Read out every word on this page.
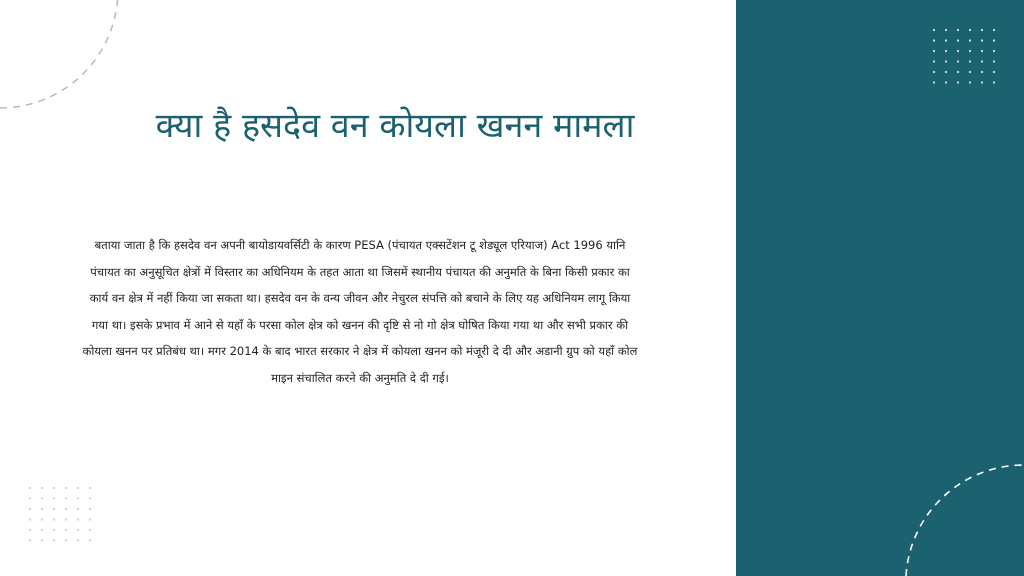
क्या है हसदेव वन कोयला खनन मामला

बताया जाता है कि हसदेव वन अपनी बायोडायवर्सिटी के कारण PESA (पंचायत एक्सटेंशन टू शेड्यूल एरियाज) Act 1996 यानि पंचायत का अनुसूचित क्षेत्रों में विस्तार का अधिनियम के तहत आता था जिसमें स्थानीय पंचायत की अनुमति के बिना किसी प्रकार का कार्य वन क्षेत्र में नहीं किया जा सकता था। हसदेव वन के वन्य जीवन और नेचुरल संपत्ति को बचाने के लिए यह अधिनियम लागू किया गया था। इसके प्रभाव में आने से यहाँ के परसा कोल क्षेत्र को खनन की दृष्टि से नो गो क्षेत्र घोषित किया गया था और सभी प्रकार की कोयला खनन पर प्रतिबंध था। मगर 2014 के बाद भारत सरकार ने क्षेत्र में कोयला खनन को मंजूरी दे दी और अडानी ग्रुप को यहाँ कोल माइन संचालित करने की अनुमति दे दी गई।
